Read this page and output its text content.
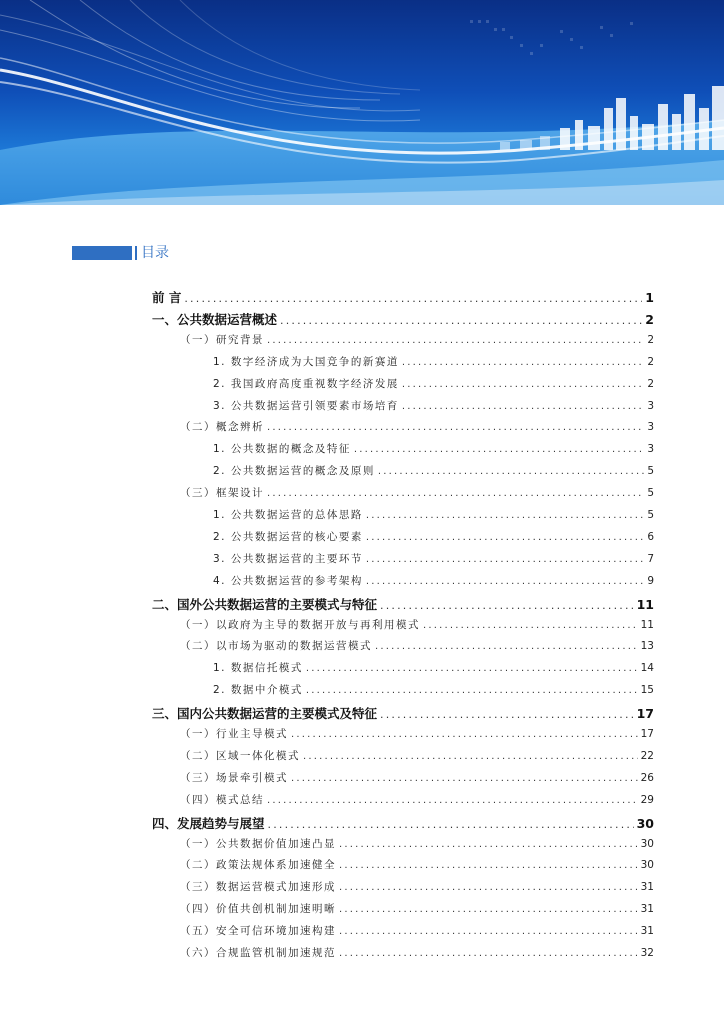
目录
前 言 .....	1
一、公共数据运营概述 .....	2
（一）研究背景 .....	2
1. 数字经济成为大国竞争的新赛道 .....	2
2. 我国政府高度重视数字经济发展 .....	2
3. 公共数据运营引领要素市场培育 .....	3
（二）概念辨析 .....	3
1. 公共数据的概念及特征 .....	3
2. 公共数据运营的概念及原则 .....	5
（三）框架设计 .....	5
1. 公共数据运营的总体思路 .....	5
2. 公共数据运营的核心要素 .....	6
3. 公共数据运营的主要环节 .....	7
4. 公共数据运营的参考架构 .....	9
二、国外公共数据运营的主要模式与特征 .....	11
（一）以政府为主导的数据开放与再利用模式 .....	11
（二）以市场为驱动的数据运营模式 .....	13
1. 数据信托模式 .....	14
2. 数据中介模式 .....	15
三、国内公共数据运营的主要模式及特征 .....	17
（一）行业主导模式 .....	17
（二）区域一体化模式 .....	22
（三）场景牵引模式 .....	26
（四）模式总结 .....	29
四、发展趋势与展望 .....	30
（一）公共数据价值加速凸显 .....	30
（二）政策法规体系加速健全 .....	30
（三）数据运营模式加速形成 .....	31
（四）价值共创机制加速明晰 .....	31
（五）安全可信环境加速构建 .....	31
（六）合规监管机制加速规范 .....	32
